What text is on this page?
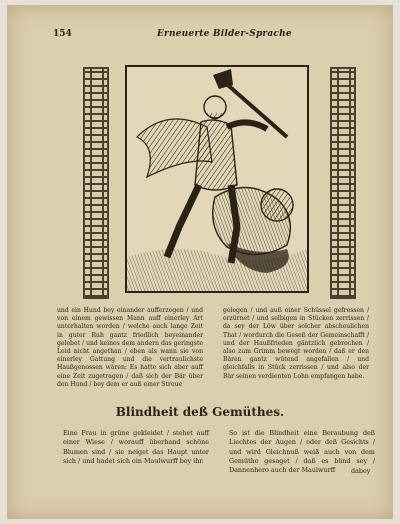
154	Erneuerte Bilder-Sprache

und ein Hund bey einander aufferzogen / und von einem gewissen Mann auff einerley Art unterhalten worden / welche auch lange Zeit in guter Ruh gantz friedlich beyeinander gelebet / und keines dem andern das geringste Leid nicht angethan / eben als wann sie von einerley Gattung und die vertraulichste Haußgenossen wären: Es hatte sich aber auff eine Zeit zugetragen / daß sich der Bär über den Hund / bey dem er auß einer Streue

gelegen / und auß einer Schüssel gefressen / erzürnet / und selbigen in Stücken zerrissen / da sey der Löw über solcher abscheulichen That / wordurch die Geseß der Gemeinschafft / und der Haußfrieden gäntzlich gebrochen / also zum Grimm bewegt worden / daß er den Bären gantz wütend angefallen / und gleichfalls in Stück zerrissen / und also der Bär seinen verdienten Lohn empfangen habe.

Blindheit deß Gemüthes.

Eine Frau in grüne gekleidet / stehet auff einer Wiese / worauff überhand schöne Blumen sind / sie neiget das Haupt unter sich / und hadet sich ein Maulwurff bey ihr.

So ist die Blindheit eine Beraubung deß Liechtes der Augen / oder deß Gesichts / und wird Gleichnuß weiß auch von dem Gemüthe gesaget / daß es blind sey / Dannenhero auch der Maulwurff	dabey
